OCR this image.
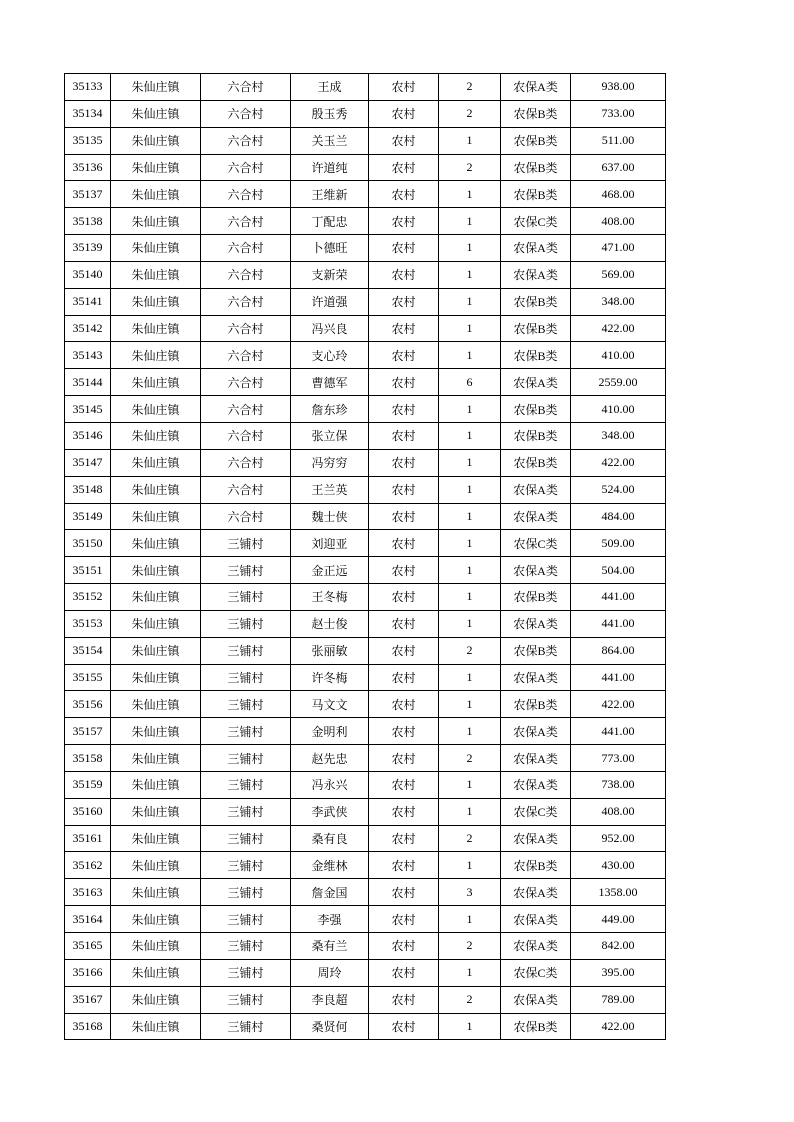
35133	朱仙庄镇	六合村	王成	农村	2	农保A类	938.00
35134	朱仙庄镇	六合村	殷玉秀	农村	2	农保B类	733.00
35135	朱仙庄镇	六合村	关玉兰	农村	1	农保B类	511.00
35136	朱仙庄镇	六合村	许道纯	农村	2	农保B类	637.00
35137	朱仙庄镇	六合村	王维新	农村	1	农保B类	468.00
35138	朱仙庄镇	六合村	丁配忠	农村	1	农保C类	408.00
35139	朱仙庄镇	六合村	卜德旺	农村	1	农保A类	471.00
35140	朱仙庄镇	六合村	支新荣	农村	1	农保A类	569.00
35141	朱仙庄镇	六合村	许道强	农村	1	农保B类	348.00
35142	朱仙庄镇	六合村	冯兴良	农村	1	农保B类	422.00
35143	朱仙庄镇	六合村	支心玲	农村	1	农保B类	410.00
35144	朱仙庄镇	六合村	曹德军	农村	6	农保A类	2559.00
35145	朱仙庄镇	六合村	詹东珍	农村	1	农保B类	410.00
35146	朱仙庄镇	六合村	张立保	农村	1	农保B类	348.00
35147	朱仙庄镇	六合村	冯穷穷	农村	1	农保B类	422.00
35148	朱仙庄镇	六合村	王兰英	农村	1	农保A类	524.00
35149	朱仙庄镇	六合村	魏士侠	农村	1	农保A类	484.00
35150	朱仙庄镇	三铺村	刘迎亚	农村	1	农保C类	509.00
35151	朱仙庄镇	三铺村	金正远	农村	1	农保A类	504.00
35152	朱仙庄镇	三铺村	王冬梅	农村	1	农保B类	441.00
35153	朱仙庄镇	三铺村	赵士俊	农村	1	农保A类	441.00
35154	朱仙庄镇	三铺村	张丽敏	农村	2	农保B类	864.00
35155	朱仙庄镇	三铺村	许冬梅	农村	1	农保A类	441.00
35156	朱仙庄镇	三铺村	马文文	农村	1	农保B类	422.00
35157	朱仙庄镇	三铺村	金明利	农村	1	农保A类	441.00
35158	朱仙庄镇	三铺村	赵先忠	农村	2	农保A类	773.00
35159	朱仙庄镇	三铺村	冯永兴	农村	1	农保A类	738.00
35160	朱仙庄镇	三铺村	李武侠	农村	1	农保C类	408.00
35161	朱仙庄镇	三铺村	桑有良	农村	2	农保A类	952.00
35162	朱仙庄镇	三铺村	金维林	农村	1	农保B类	430.00
35163	朱仙庄镇	三铺村	詹金国	农村	3	农保A类	1358.00
35164	朱仙庄镇	三铺村	李强	农村	1	农保A类	449.00
35165	朱仙庄镇	三铺村	桑有兰	农村	2	农保A类	842.00
35166	朱仙庄镇	三铺村	周玲	农村	1	农保C类	395.00
35167	朱仙庄镇	三铺村	李良超	农村	2	农保A类	789.00
35168	朱仙庄镇	三铺村	桑贤何	农村	1	农保B类	422.00
